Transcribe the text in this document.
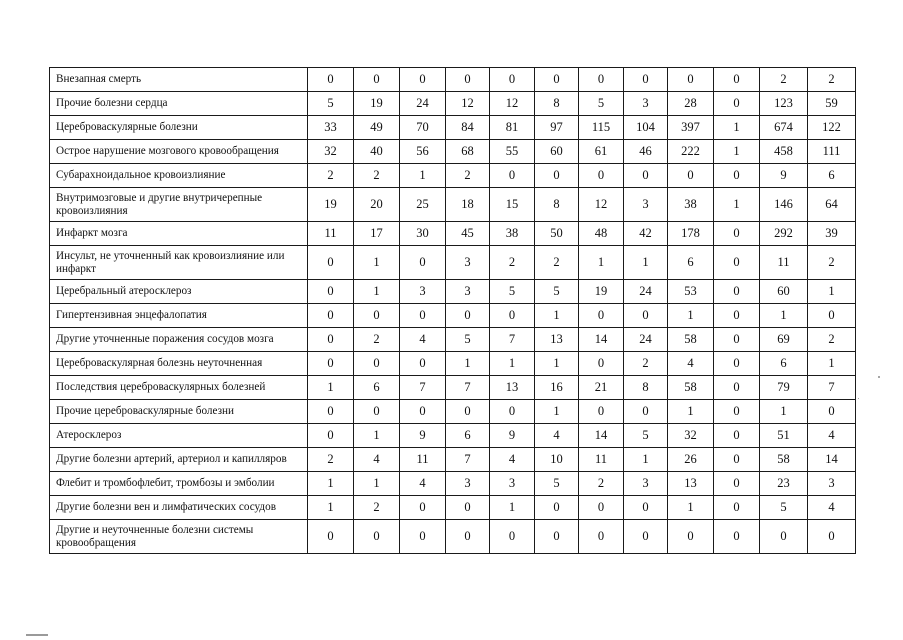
Внезапная смерть	0	0	0	0	0	0	0	0	0	0	2	2
Прочие болезни сердца	5	19	24	12	12	8	5	3	28	0	123	59
Цереброваскулярные болезни	33	49	70	84	81	97	115	104	397	1	674	122
Острое нарушение мозгового кровообращения	32	40	56	68	55	60	61	46	222	1	458	111
Субарахноидальное кровоизлияние	2	2	1	2	0	0	0	0	0	0	9	6
Внутримозговые и другие внутричерепные кровоизлияния	19	20	25	18	15	8	12	3	38	1	146	64
Инфаркт мозга	11	17	30	45	38	50	48	42	178	0	292	39
Инсульт, не уточненный как кровоизлияние или инфаркт	0	1	0	3	2	2	1	1	6	0	11	2
Церебральный атеросклероз	0	1	3	3	5	5	19	24	53	0	60	1
Гипертензивная энцефалопатия	0	0	0	0	0	1	0	0	1	0	1	0
Другие уточненные поражения сосудов мозга	0	2	4	5	7	13	14	24	58	0	69	2
Цереброваскулярная болезнь неуточненная	0	0	0	1	1	1	0	2	4	0	6	1
Последствия цереброваскулярных болезней	1	6	7	7	13	16	21	8	58	0	79	7
Прочие цереброваскулярные болезни	0	0	0	0	0	1	0	0	1	0	1	0
Атеросклероз	0	1	9	6	9	4	14	5	32	0	51	4
Другие болезни артерий, артериол и капилляров	2	4	11	7	4	10	11	1	26	0	58	14
Флебит и тромбофлебит, тромбозы и эмболии	1	1	4	3	3	5	2	3	13	0	23	3
Другие болезни вен и лимфатических сосудов	1	2	0	0	1	0	0	0	1	0	5	4
Другие и неуточненные болезни системы кровообращения	0	0	0	0	0	0	0	0	0	0	0	0
